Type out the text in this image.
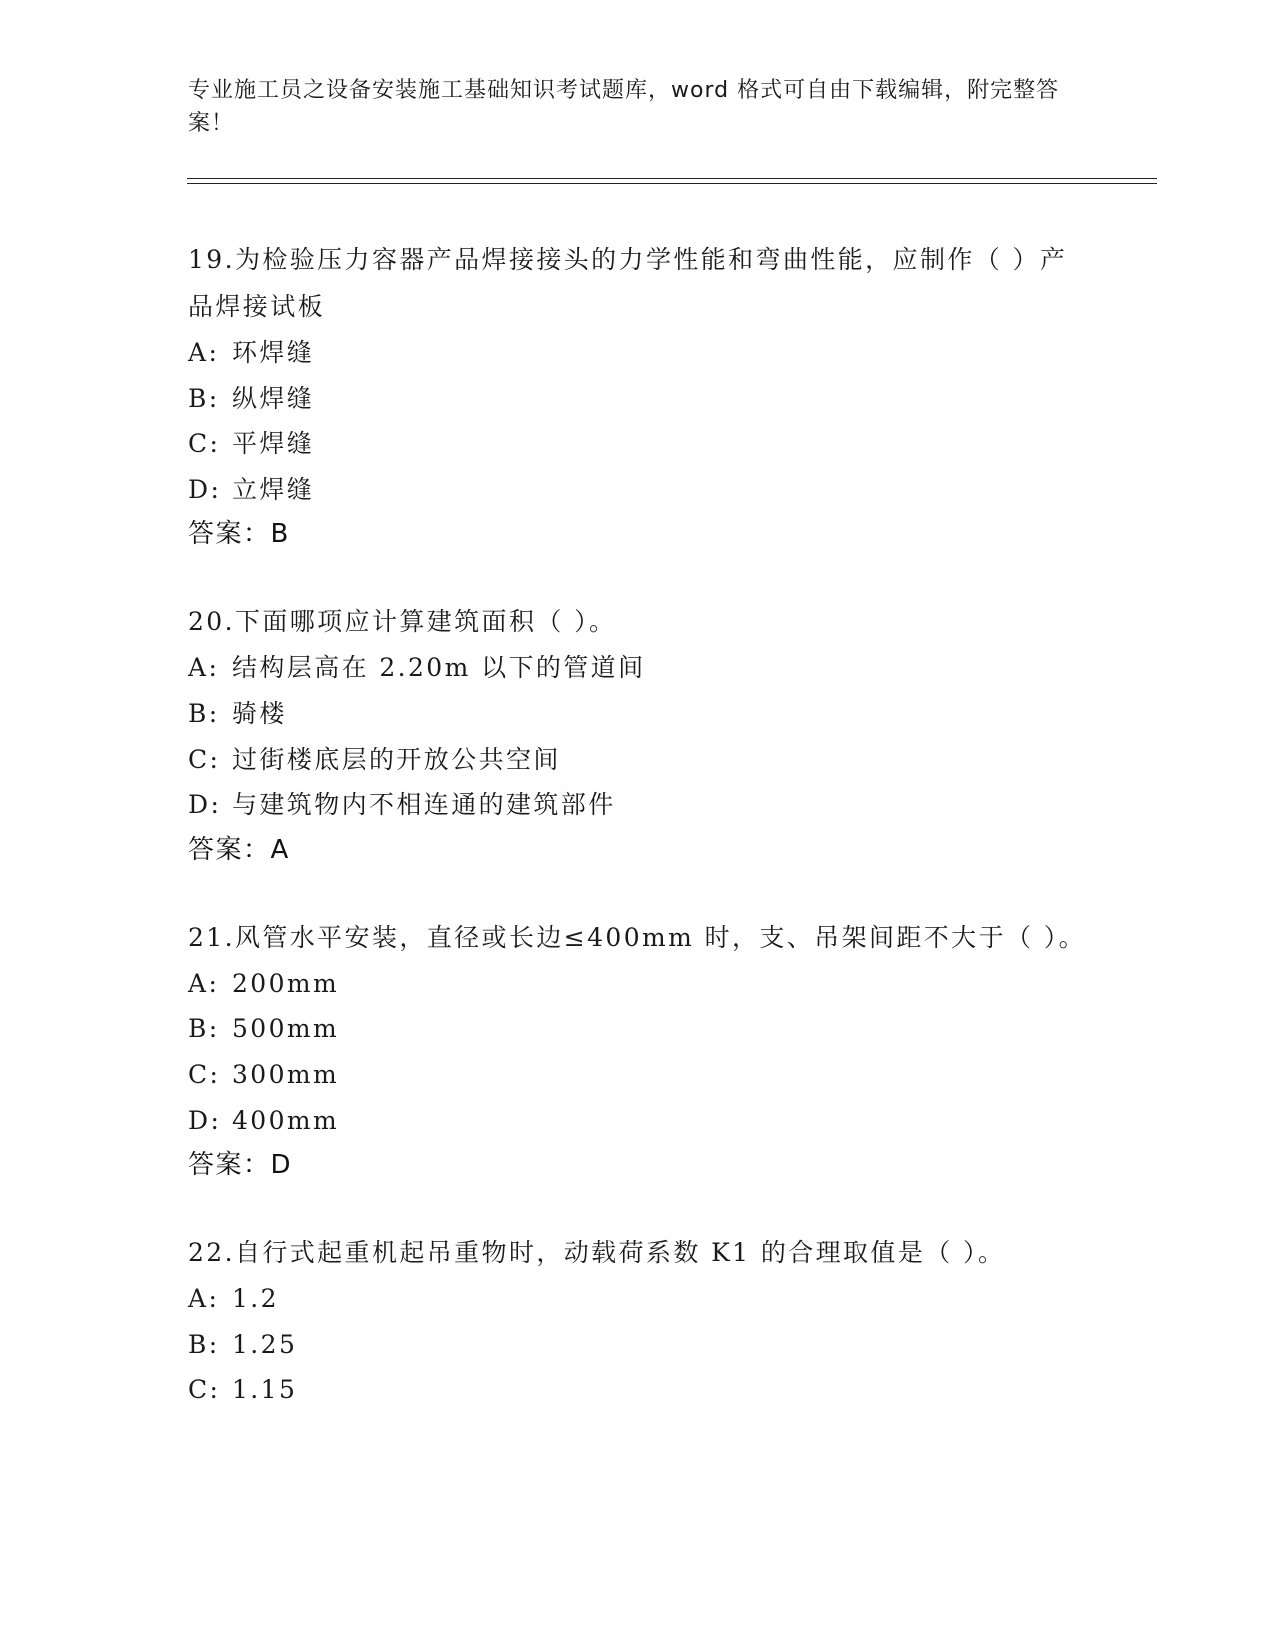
专业施工员之设备安装施工基础知识考试题库，word 格式可自由下载编辑，附完整答案！
19.为检验压力容器产品焊接接头的力学性能和弯曲性能，应制作（ ）产品焊接试板
A: 环焊缝
B: 纵焊缝
C: 平焊缝
D: 立焊缝
答案：B
20.下面哪项应计算建筑面积（ ）。
A: 结构层高在 2.20m 以下的管道间
B: 骑楼
C: 过街楼底层的开放公共空间
D: 与建筑物内不相连通的建筑部件
答案：A
21.风管水平安装，直径或长边≤400mm 时，支、吊架间距不大于（ ）。
A: 200mm
B: 500mm
C: 300mm
D: 400mm
答案：D
22.自行式起重机起吊重物时，动载荷系数 K1 的合理取值是（ ）。
A: 1.2
B: 1.25
C: 1.15
